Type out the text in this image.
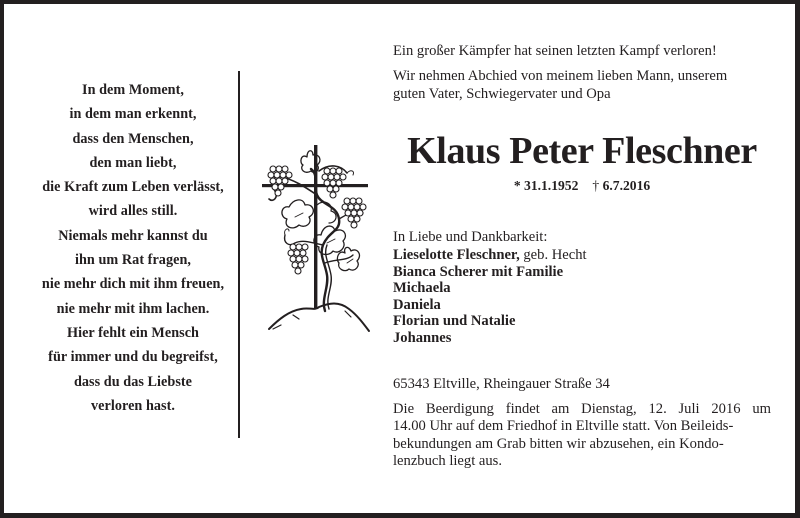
In dem Moment,
in dem man erkennt,
dass den Menschen,
den man liebt,
die Kraft zum Leben verlässt,
wird alles still.
Niemals mehr kannst du
ihn um Rat fragen,
nie mehr dich mit ihm freuen,
nie mehr mit ihm lachen.
Hier fehlt ein Mensch
für immer und du begreifst,
dass du das Liebste
verloren hast.
Ein großer Kämpfer hat seinen letzten Kampf verloren!
Wir nehmen Abchied von meinem lieben Mann, unserem
guten Vater, Schwiegervater und Opa
Klaus Peter Fleschner
* 31.1.1952 † 6.7.2016
In Liebe und Dankbarkeit:
Lieselotte Fleschner, geb. Hecht
Bianca Scherer mit Familie
Michaela
Daniela
Florian und Natalie
Johannes
65343 Eltville, Rheingauer Straße 34
Die Beerdigung findet am Dienstag, 12. Juli 2016 um
14.00 Uhr auf dem Friedhof in Eltville statt. Von Beileids-
bekundungen am Grab bitten wir abzusehen, ein Kondo-
lenzbuch liegt aus.
